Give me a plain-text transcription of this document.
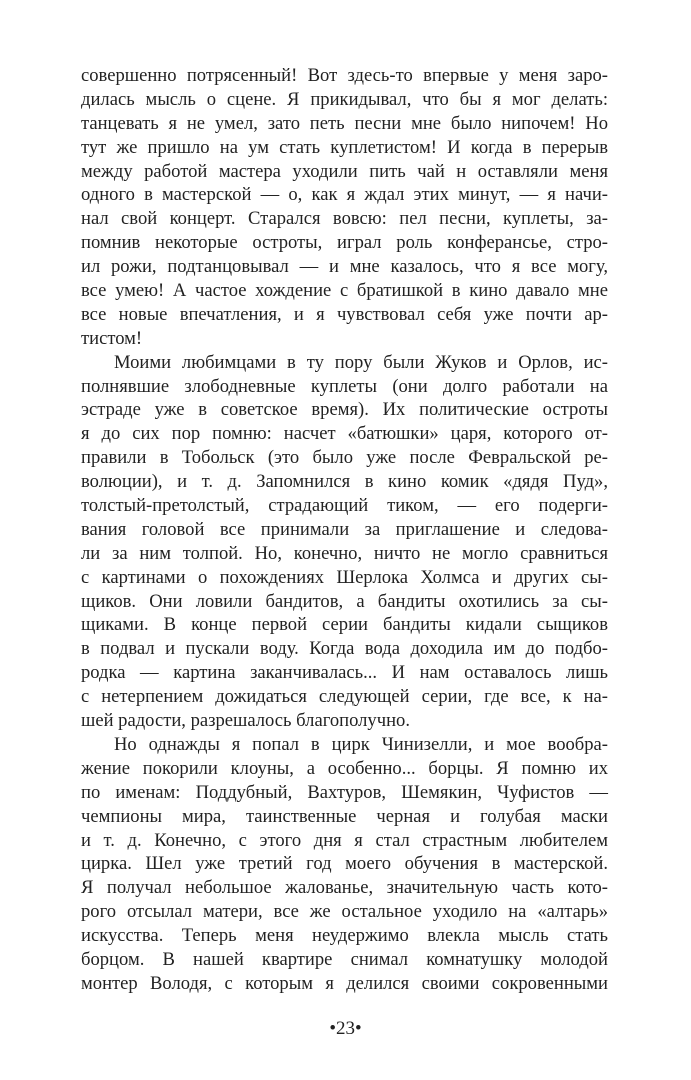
совершенно потрясенный! Вот здесь-то впервые у меня заро-
дилась мысль о сцене. Я прикидывал, что бы я мог делать:
танцевать я не умел, зато петь песни мне было нипочем! Но
тут же пришло на ум стать куплетистом! И когда в перерыв
между работой мастера уходили пить чай н оставляли меня
одного в мастерской — о, как я ждал этих минут, — я начи-
нал свой концерт. Старался вовсю: пел песни, куплеты, за-
помнив некоторые остроты, играл роль конферансье, стро-
ил рожи, подтанцовывал — и мне казалось, что я все могу,
все умею! А частое хождение с братишкой в кино давало мне
все новые впечатления, и я чувствовал себя уже почти ар-
тистом!
Моими любимцами в ту пору были Жуков и Орлов, ис-
полнявшие злободневные куплеты (они долго работали на
эстраде уже в советское время). Их политические остроты
я до сих пор помню: насчет «батюшки» царя, которого от-
правили в Тобольск (это было уже после Февральской ре-
волюции), и т. д. Запомнился в кино комик «дядя Пуд»,
толстый-претолстый, страдающий тиком, — его подерги-
вания головой все принимали за приглашение и следова-
ли за ним толпой. Но, конечно, ничто не могло сравниться
с картинами о похождениях Шерлока Холмса и других сы-
щиков. Они ловили бандитов, а бандиты охотились за сы-
щиками. В конце первой серии бандиты кидали сыщиков
в подвал и пускали воду. Когда вода доходила им до подбо-
родка — картина заканчивалась... И нам оставалось лишь
с нетерпением дожидаться следующей серии, где все, к на-
шей радости, разрешалось благополучно.
Но однажды я попал в цирк Чинизелли, и мое вообра-
жение покорили клоуны, а особенно... борцы. Я помню их
по именам: Поддубный, Вахтуров, Шемякин, Чуфистов —
чемпионы мира, таинственные черная и голубая маски
и т. д. Конечно, с этого дня я стал страстным любителем
цирка. Шел уже третий год моего обучения в мастерской.
Я получал небольшое жалованье, значительную часть кото-
рого отсылал матери, все же остальное уходило на «алтарь»
искусства. Теперь меня неудержимо влекла мысль стать
борцом. В нашей квартире снимал комнатушку молодой
монтер Володя, с которым я делился своими сокровенными
•23•
